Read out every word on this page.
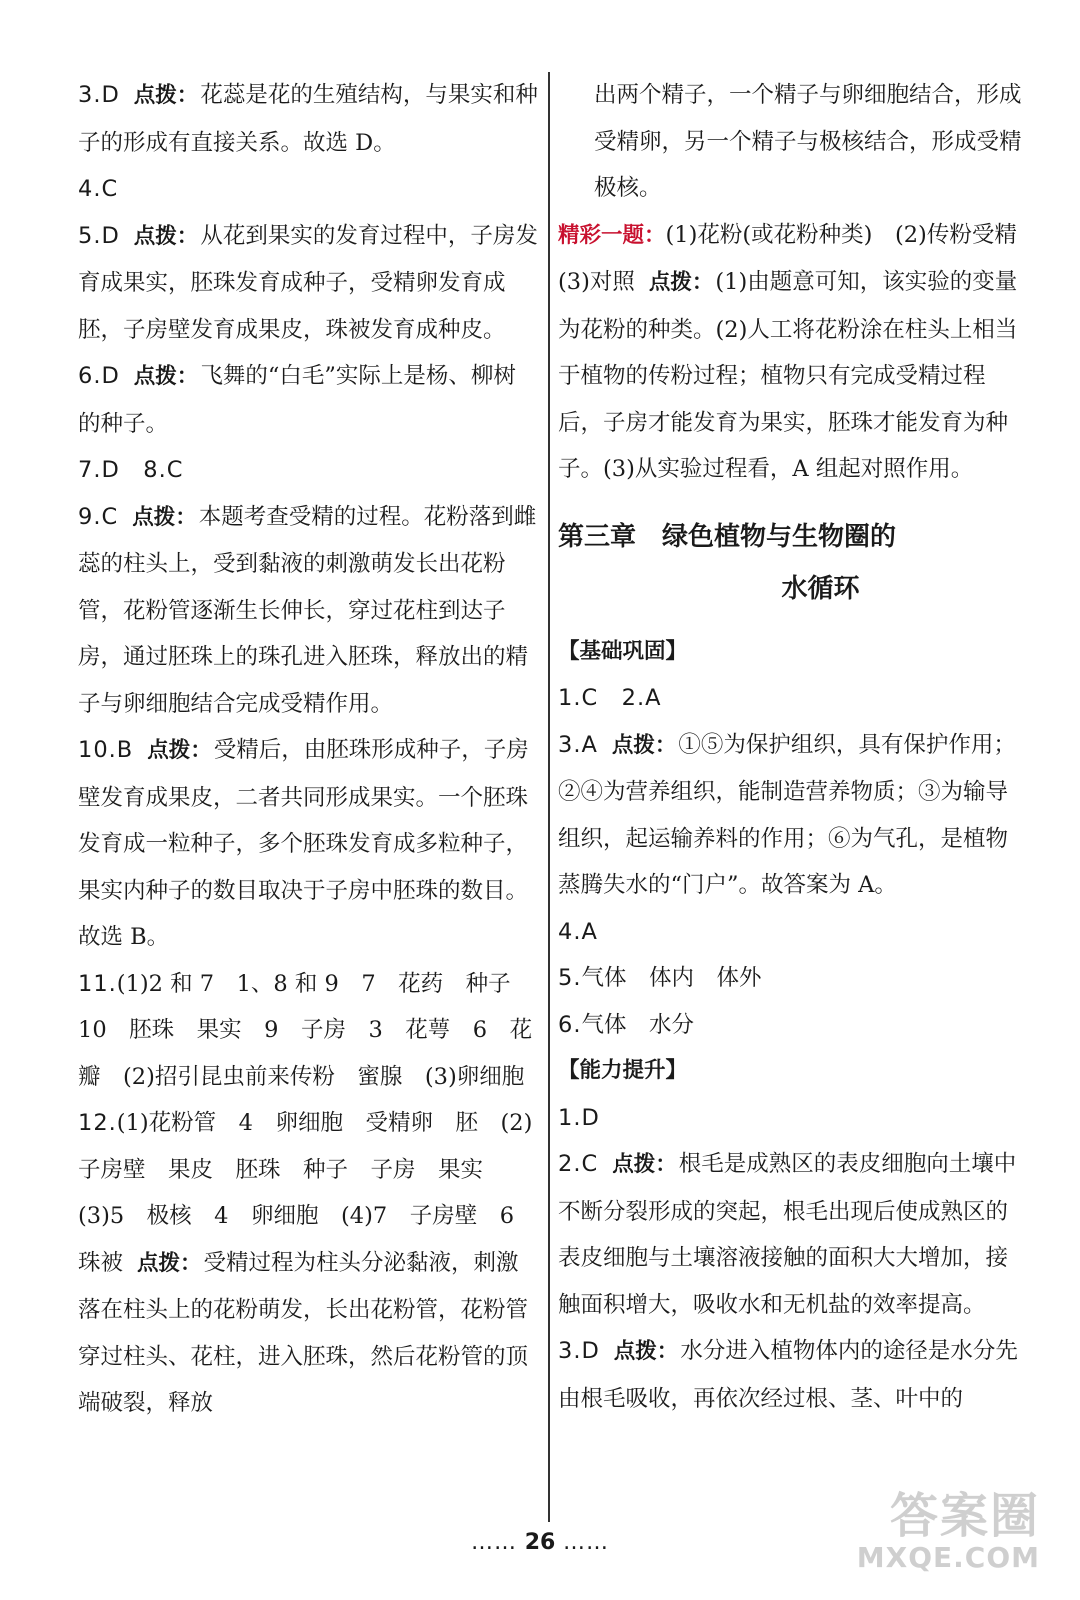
3.D 点拨：花蕊是花的生殖结构，与果实和种子的形成有直接关系。故选 D。

4.C

5.D 点拨：从花到果实的发育过程中，子房发育成果实，胚珠发育成种子，受精卵发育成胚，子房壁发育成果皮，珠被发育成种皮。

6.D 点拨：飞舞的“白毛”实际上是杨、柳树的种子。

7.D　8.C

9.C 点拨：本题考查受精的过程。花粉落到雌蕊的柱头上，受到黏液的刺激萌发长出花粉管，花粉管逐渐生长伸长，穿过花柱到达子房，通过胚珠上的珠孔进入胚珠，释放出的精子与卵细胞结合完成受精作用。

10.B 点拨：受精后，由胚珠形成种子，子房壁发育成果皮，二者共同形成果实。一个胚珠发育成一粒种子，多个胚珠发育成多粒种子，果实内种子的数目取决于子房中胚珠的数目。故选 B。

11.(1)2 和 7　1、8 和 9　7　花药　种子　10　胚珠　果实　9　子房　3　花萼　6　花瓣　(2)招引昆虫前来传粉　蜜腺　(3)卵细胞

12.(1)花粉管　4　卵细胞　受精卵　胚　(2)子房壁　果皮　胚珠　种子　子房　果实　(3)5　极核　4　卵细胞　(4)7　子房壁　6　珠被 点拨：受精过程为柱头分泌黏液，刺激落在柱头上的花粉萌发，长出花粉管，花粉管穿过柱头、花柱，进入胚珠，然后花粉管的顶端破裂，释放

出两个精子，一个精子与卵细胞结合，形成受精卵，另一个精子与极核结合，形成受精极核。

精彩一题：(1)花粉(或花粉种类)　(2)传粉受精　(3)对照 点拨：(1)由题意可知，该实验的变量为花粉的种类。(2)人工将花粉涂在柱头上相当于植物的传粉过程；植物只有完成受精过程后，子房才能发育为果实，胚珠才能发育为种子。(3)从实验过程看，A 组起对照作用。

第三章　绿色植物与生物圈的
水循环
【基础巩固】

1.C　2.A

3.A 点拨：①⑤为保护组织，具有保护作用；②④为营养组织，能制造营养物质；③为输导组织，起运输养料的作用；⑥为气孔，是植物蒸腾失水的“门户”。故答案为 A。

4.A

5.气体　体内　体外

6.气体　水分

【能力提升】

1.D

2.C 点拨：根毛是成熟区的表皮细胞向土壤中不断分裂形成的突起，根毛出现后使成熟区的表皮细胞与土壤溶液接触的面积大大增加，接触面积增大，吸收水和无机盐的效率提高。

3.D 点拨：水分进入植物体内的途径是水分先由根毛吸收，再依次经过根、茎、叶中的

…… 26 ……	答案圈
MXQE.COM
